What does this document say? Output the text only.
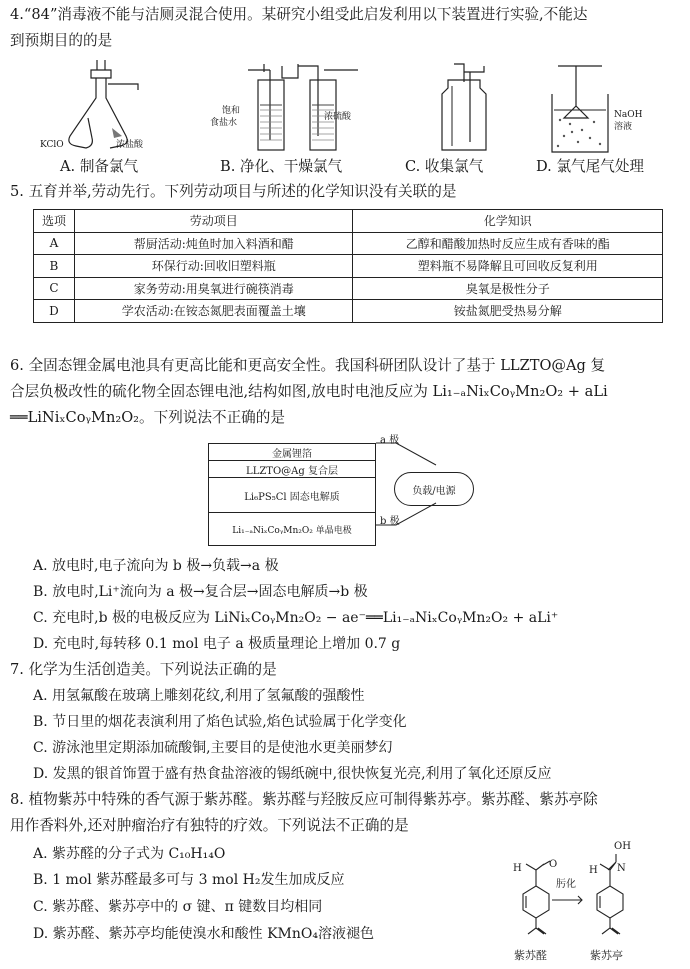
4.“84”消毒液不能与洁厕灵混合使用。某研究小组受此启发利用以下装置进行实验,不能达
到预期目的的是
KClO	浓盐酸
饱和
食盐水
浓硫酸	NaOH
溶液
A. 制备氯气	B. 净化、干燥氯气	C. 收集氯气	D. 氯气尾气处理
5. 五育并举,劳动先行。下列劳动项目与所述的化学知识没有关联的是
选项	劳动项目	化学知识
A	帮厨活动:炖鱼时加入料酒和醋	乙醇和醋酸加热时反应生成有香味的酯
B	环保行动:回收旧塑料瓶	塑料瓶不易降解且可回收反复利用
C	家务劳动:用臭氧进行碗筷消毒	臭氧是极性分子
D	学农活动:在铵态氮肥表面覆盖土壤	铵盐氮肥受热易分解
6. 全固态锂金属电池具有更高比能和更高安全性。我国科研团队设计了基于 LLZTO@Ag 复
合层负极改性的硫化物全固态锂电池,结构如图,放电时电池反应为 Li₁₋ₐNiₓCoᵧMn₂O₂ + aLi
══LiNiₓCoᵧMn₂O₂。下列说法不正确的是
金属锂箔
LLZTO@Ag 复合层
Li₆PS₅Cl 固态电解质
Li₁₋ₐNiₓCoᵧMn₂O₂ 单晶电极
a 极
b 极
负载/电源
A. 放电时,电子流向为 b 极→负载→a 极
B. 放电时,Li⁺流向为 a 极→复合层→固态电解质→b 极
C. 充电时,b 极的电极反应为 LiNiₓCoᵧMn₂O₂ − ae⁻══Li₁₋ₐNiₓCoᵧMn₂O₂ + aLi⁺
D. 充电时,每转移 0.1 mol 电子 a 极质量理论上增加 0.7 g
7. 化学为生活创造美。下列说法正确的是
A. 用氢氟酸在玻璃上雕刻花纹,利用了氢氟酸的强酸性
B. 节日里的烟花表演利用了焰色试验,焰色试验属于化学变化
C. 游泳池里定期添加硫酸铜,主要目的是使池水更美丽梦幻
D. 发黑的银首饰置于盛有热食盐溶液的锡纸碗中,很快恢复光亮,利用了氧化还原反应
8. 植物紫苏中特殊的香气源于紫苏醛。紫苏醛与羟胺反应可制得紫苏亭。紫苏醛、紫苏亭除
用作香料外,还对肿瘤治疗有独特的疗效。下列说法不正确的是
A. 紫苏醛的分子式为 C₁₀H₁₄O
B. 1 mol 紫苏醛最多可与 3 mol H₂发生加成反应
C. 紫苏醛、紫苏亭中的 σ 键、π 键数目均相同
D. 紫苏醛、紫苏亭均能使溴水和酸性 KMnO₄溶液褪色
H	O
肟化
OH
H N
紫苏醛	紫苏亭
